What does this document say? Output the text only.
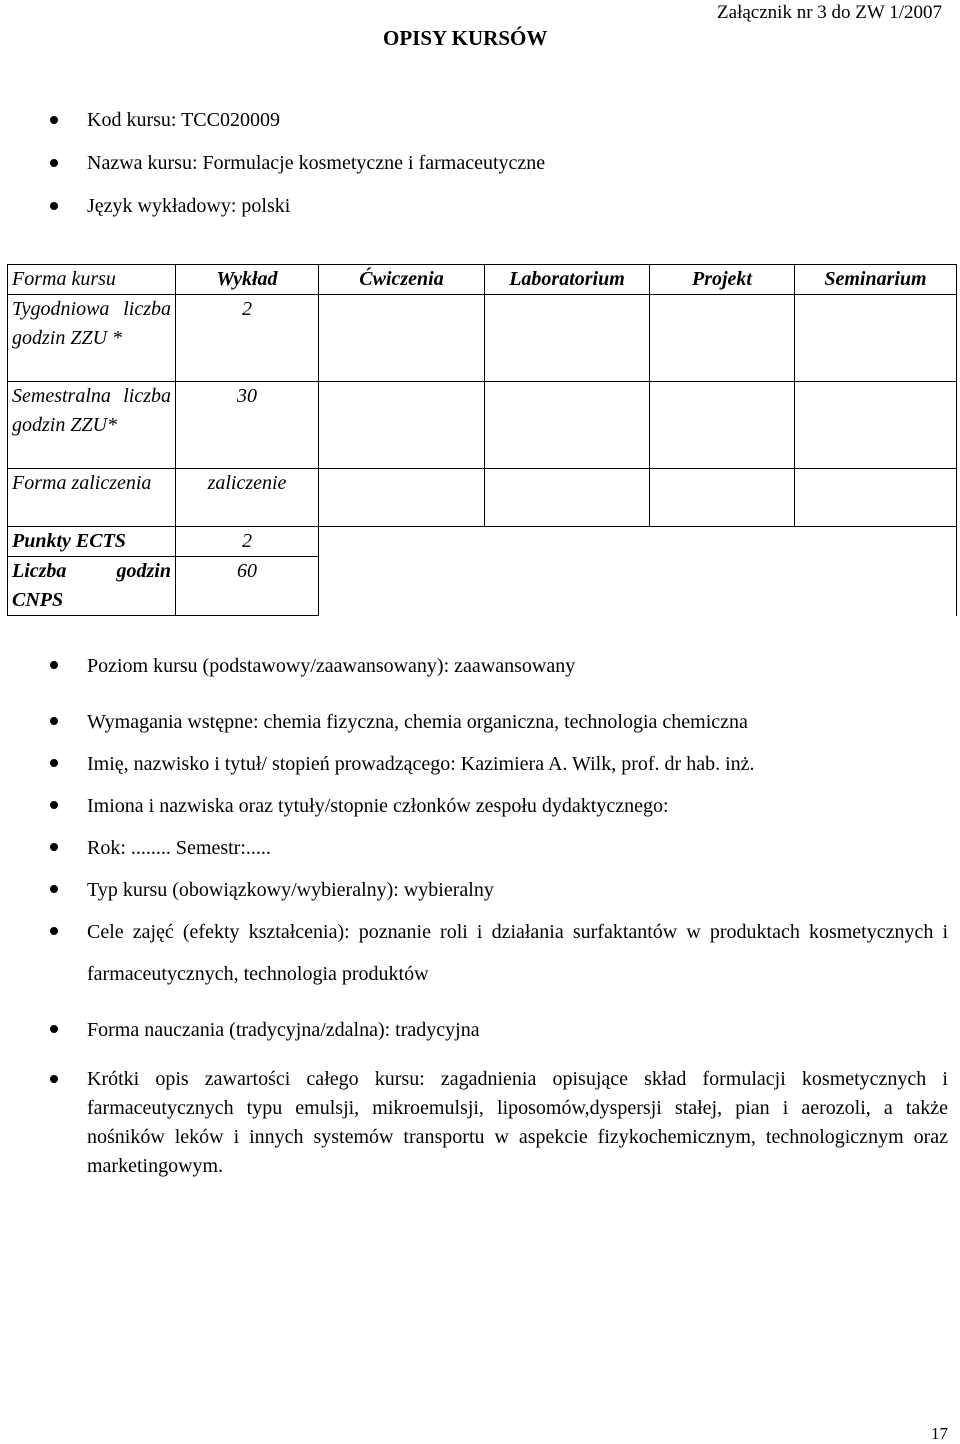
Załącznik nr 3 do ZW 1/2007
OPISY KURSÓW
Kod kursu: TCC020009
Nazwa kursu: Formulacje kosmetyczne i farmaceutyczne
Język wykładowy: polski
Forma kursu	Wykład	Ćwiczenia	Laboratorium	Projekt	Seminarium
Tygodniowa liczba godzin ZZU *	2				
Semestralna liczba godzin ZZU*	30				
Forma zaliczenia	zaliczenie				
Punkty ECTS	2				
Liczba godzin CNPS	60				
Poziom kursu (podstawowy/zaawansowany): zaawansowany
Wymagania wstępne: chemia fizyczna, chemia organiczna, technologia chemiczna
Imię, nazwisko i tytuł/ stopień prowadzącego: Kazimiera A. Wilk, prof. dr hab. inż.
Imiona i nazwiska oraz tytuły/stopnie członków zespołu dydaktycznego:
Rok: ........ Semestr:.....
Typ kursu (obowiązkowy/wybieralny): wybieralny
Cele zajęć (efekty kształcenia): poznanie roli i działania surfaktantów w produktach kosmetycznych i farmaceutycznych, technologia produktów
Forma nauczania (tradycyjna/zdalna): tradycyjna
Krótki opis zawartości całego kursu: zagadnienia opisujące skład formulacji kosmetycznych i farmaceutycznych typu emulsji, mikroemulsji, liposomów,dyspersji stałej, pian i aerozoli, a także nośników leków i innych systemów transportu w aspekcie fizykochemicznym, technologicznym oraz marketingowym.
17
